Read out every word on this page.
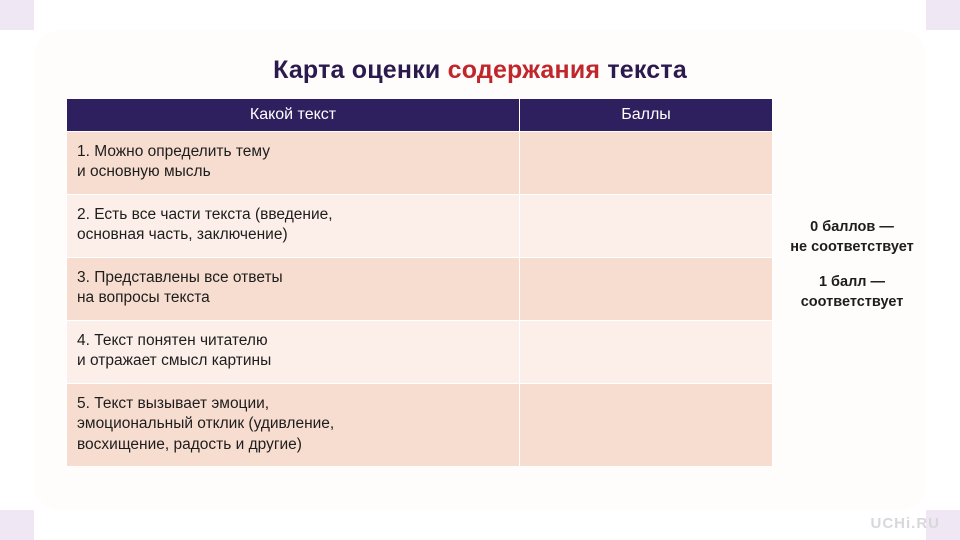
Карта оценки содержания текста
Какой текст	Баллы
1. Можно определить тему
и основную мысль	
2. Есть все части текста (введение,
основная часть, заключение)	
3. Представлены все ответы
на вопросы текста	
4. Текст понятен читателю
и отражает смысл картины	
5. Текст вызывает эмоции,
эмоциональный отклик (удивление,
восхищение, радость и другие)	
0 баллов —
не соответствует
1 балл —
соответствует
UCHi.RU
